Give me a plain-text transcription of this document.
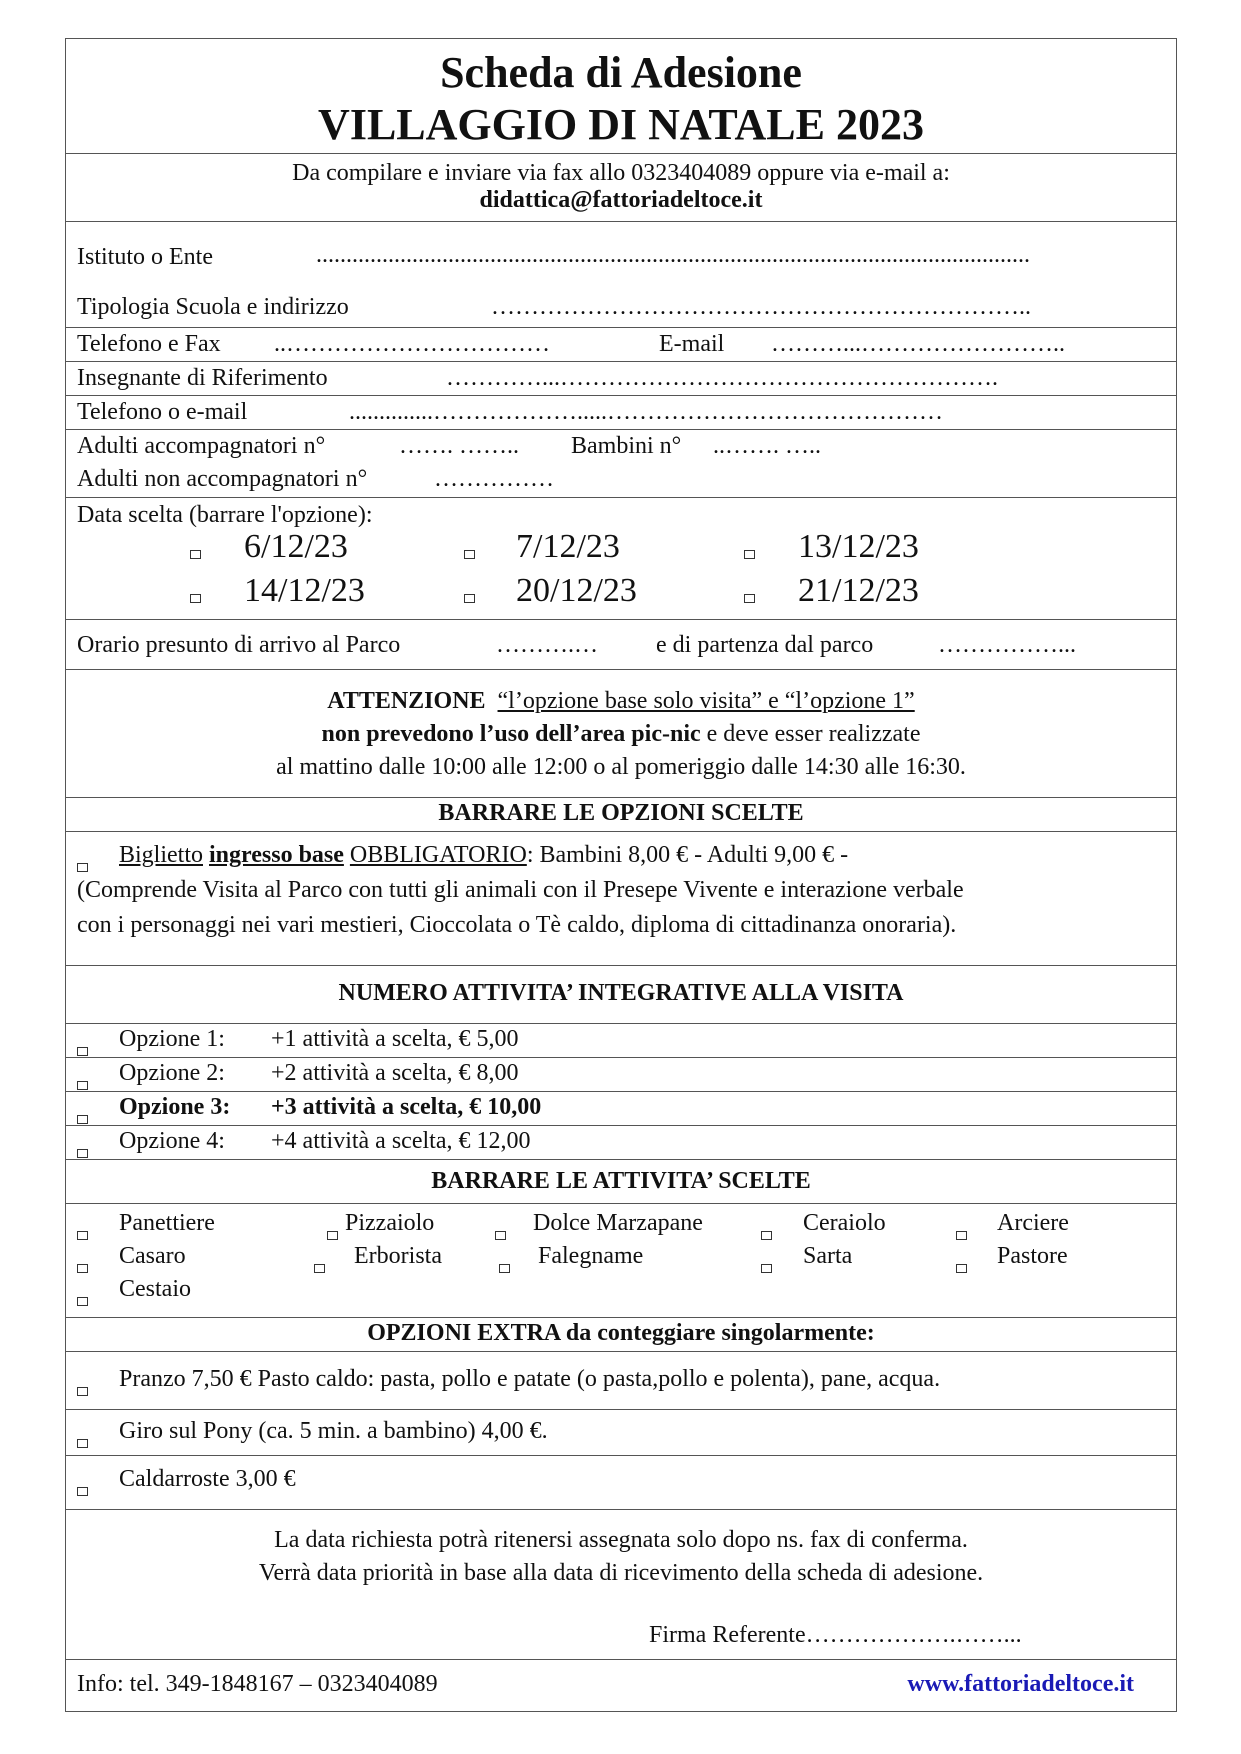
Scheda di Adesione
VILLAGGIO DI NATALE 2023
Da compilare e inviare via fax allo 0323404089 oppure via e-mail a:
didattica@fattoriadeltoce.it
Istituto o Ente	.......................................................................................................................
Tipologia Scuola e indirizzo	…………………………………………………………..
Telefono e Fax ..……………………………	E-mail ………...……………………..
Insegnante di Riferimento	…………...……………………………………………….
Telefono o e-mail	..............……………….....……………………………………
Adulti accompagnatori n°	……. …….. Bambini n° ..……. …..
Adulti non accompagnatori n°	……………
Data scelta (barrare l'opzione):
6/12/23	7/12/23	13/12/23
14/12/23	20/12/23	21/12/23
Orario presunto di arrivo al Parco	……….… e di partenza dal parco	……………...
ATTENZIONE “l’opzione base solo visita” e “l’opzione 1”
non prevedono l’uso dell’area pic-nic e deve esser realizzate
al mattino dalle 10:00 alle 12:00 o al pomeriggio dalle 14:30 alle 16:30.
BARRARE LE OPZIONI SCELTE
Biglietto ingresso base OBBLIGATORIO: Bambini 8,00 € - Adulti 9,00 € -
(Comprende Visita al Parco con tutti gli animali con il Presepe Vivente e interazione verbale
con i personaggi nei vari mestieri, Cioccolata o Tè caldo, diploma di cittadinanza onoraria).
NUMERO ATTIVITA’ INTEGRATIVE ALLA VISITA
Opzione 1: +1 attività a scelta, € 5,00
Opzione 2: +2 attività a scelta, € 8,00
Opzione 3: +3 attività a scelta, € 10,00
Opzione 4: +4 attività a scelta, € 12,00
BARRARE LE ATTIVITA’ SCELTE
Panettiere	Pizzaiolo	Dolce Marzapane	Ceraiolo	Arciere
Casaro	Erborista	Falegname	Sarta	Pastore
Cestaio
OPZIONI EXTRA da conteggiare singolarmente:
Pranzo 7,50 € Pasto caldo: pasta, pollo e patate (o pasta,pollo e polenta), pane, acqua.
Giro sul Pony (ca. 5 min. a bambino) 4,00 €.
Caldarroste 3,00 €
La data richiesta potrà ritenersi assegnata solo dopo ns. fax di conferma.
Verrà data priorità in base alla data di ricevimento della scheda di adesione.
Firma Referente……………….……...
Info: tel. 349-1848167 – 0323404089	www.fattoriadeltoce.it
